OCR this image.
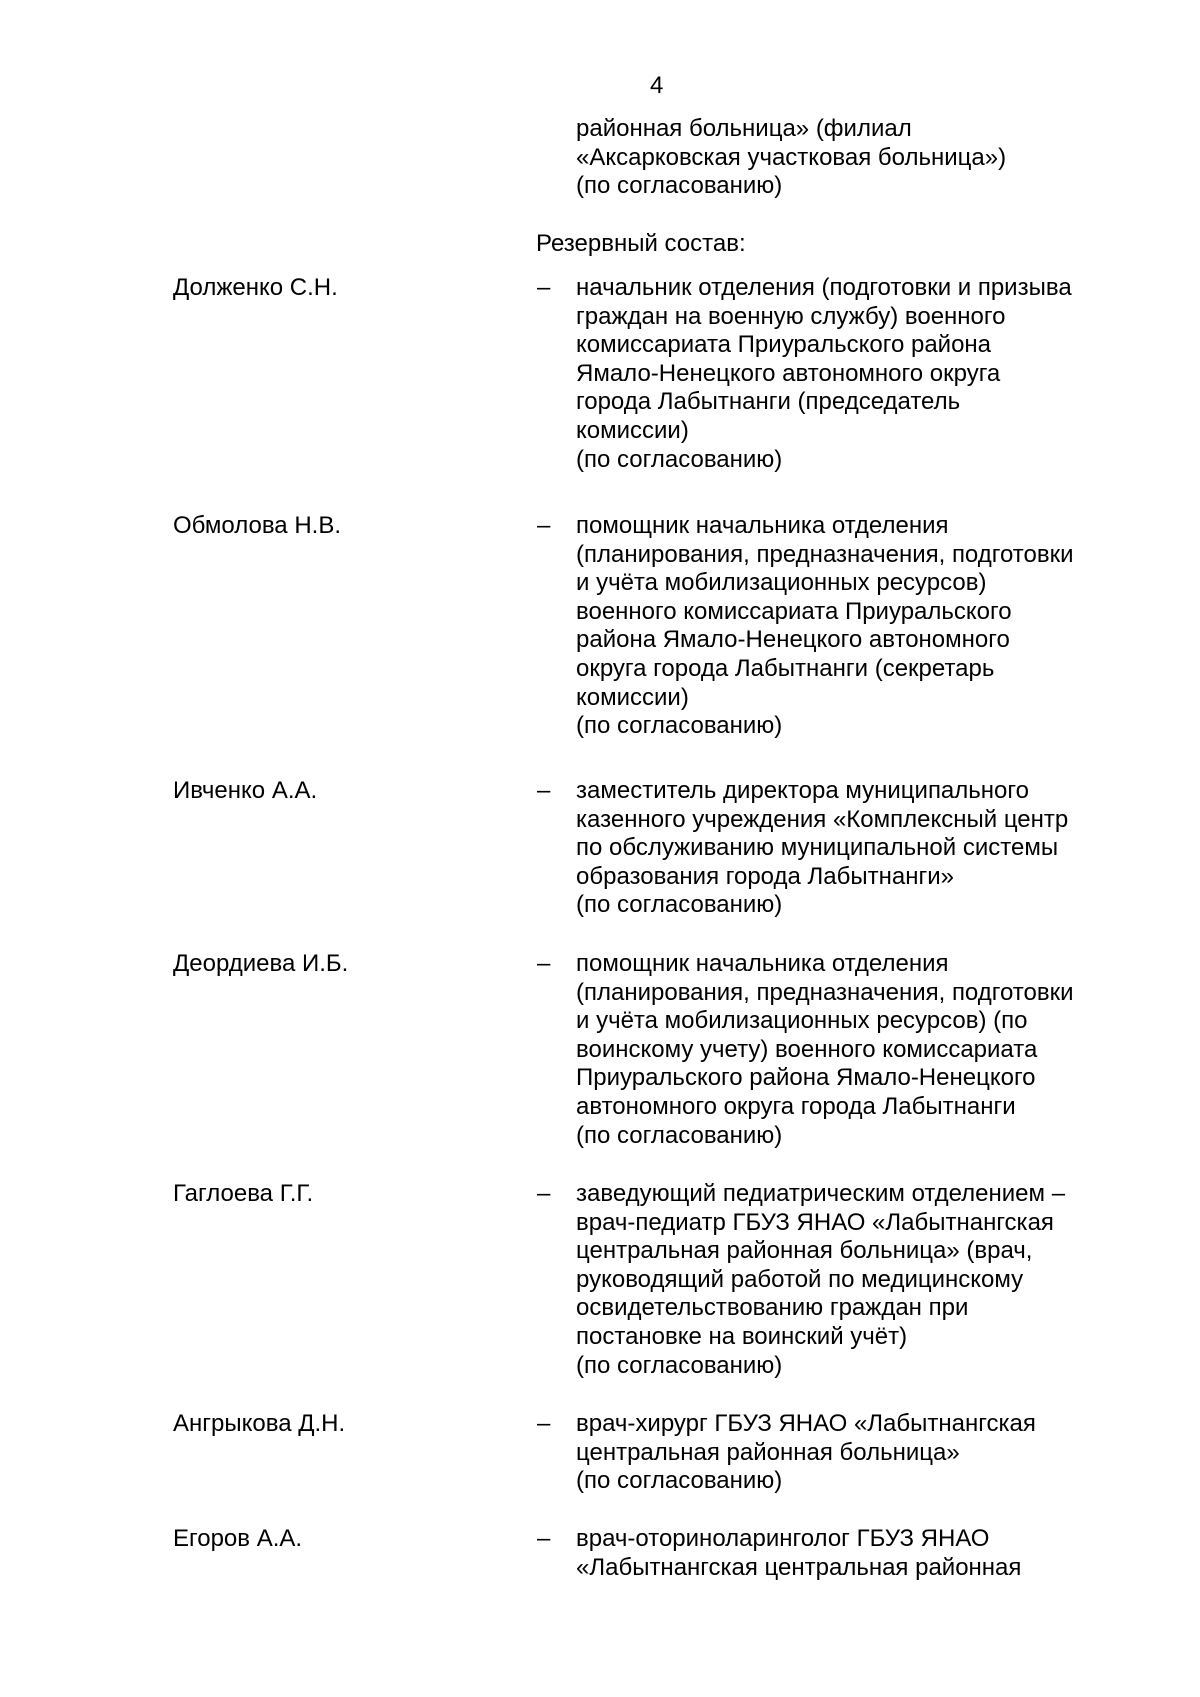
4
районная больница» (филиал
«Аксарковская участковая больница»)
(по согласованию)
Резервный состав:
Долженко С.Н.	– начальник отделения (подготовки и призыва
граждан на военную службу) военного
комиссариата Приуральского района
Ямало-Ненецкого автономного округа
города Лабытнанги (председатель
комиссии)
(по согласованию)
Обмолова Н.В.	– помощник начальника отделения
(планирования, предназначения, подготовки
и учёта мобилизационных ресурсов)
военного комиссариата Приуральского
района Ямало-Ненецкого автономного
округа города Лабытнанги (секретарь
комиссии)
(по согласованию)
Ивченко А.А.	– заместитель директора муниципального
казенного учреждения «Комплексный центр
по обслуживанию муниципальной системы
образования города Лабытнанги»
(по согласованию)
Деордиева И.Б.	– помощник начальника отделения
(планирования, предназначения, подготовки
и учёта мобилизационных ресурсов) (по
воинскому учету) военного комиссариата
Приуральского района Ямало-Ненецкого
автономного округа города Лабытнанги
(по согласованию)
Гаглоева Г.Г.	– заведующий педиатрическим отделением –
врач-педиатр ГБУЗ ЯНАО «Лабытнангская
центральная районная больница» (врач,
руководящий работой по медицинскому
освидетельствованию граждан при
постановке на воинский учёт)
(по согласованию)
Ангрыкова Д.Н.	– врач-хирург ГБУЗ ЯНАО «Лабытнангская
центральная районная больница»
(по согласованию)
Егоров А.А.	– врач-оториноларинголог ГБУЗ ЯНАО
«Лабытнангская центральная районная
